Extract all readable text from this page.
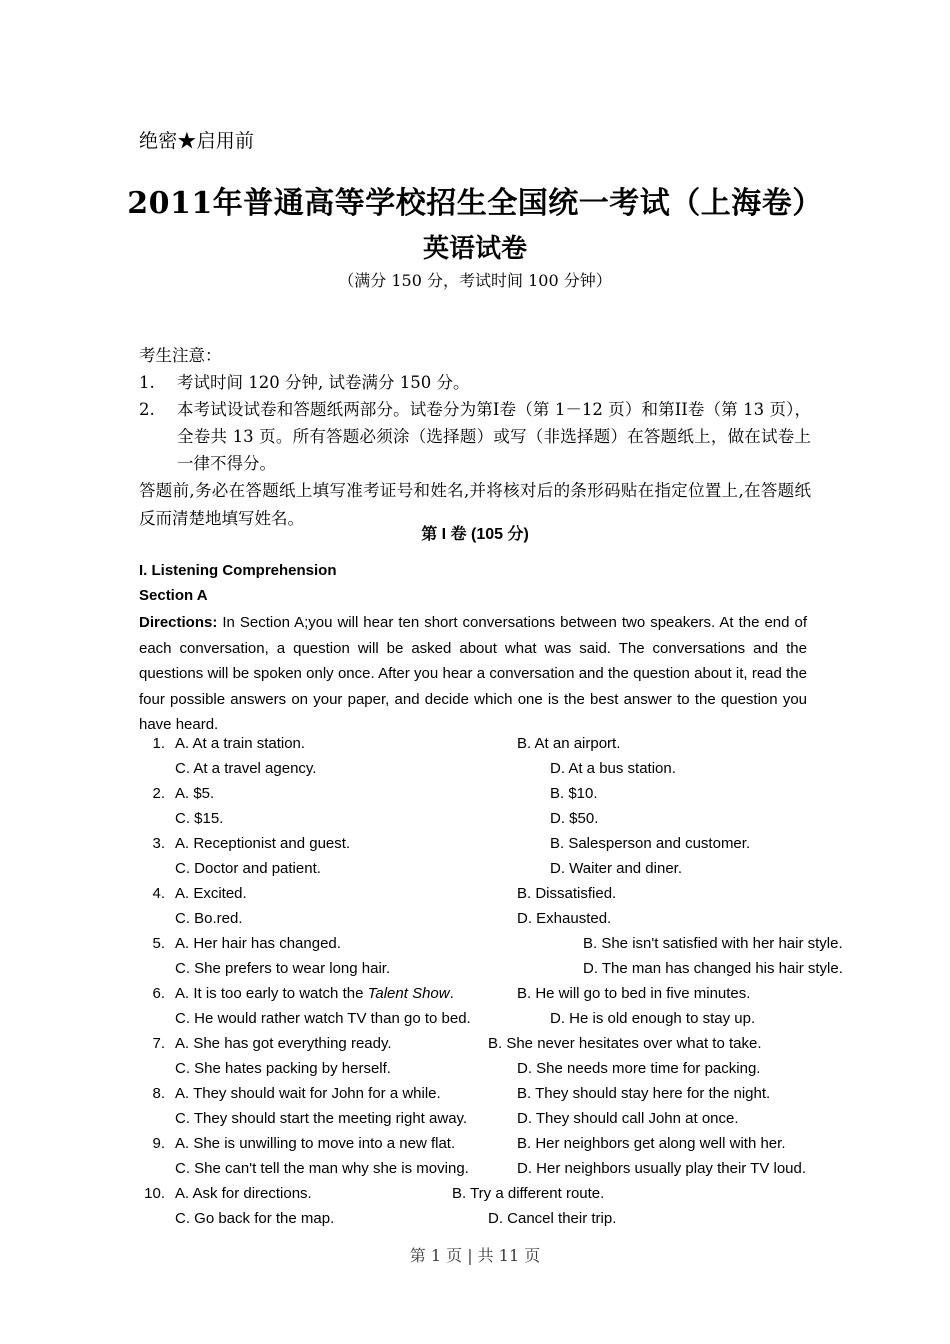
绝密★启用前
2011年普通高等学校招生全国统一考试（上海卷）
英语试卷
（满分 150 分，考试时间 100 分钟）
考生注意：
1. 考试时间 120 分钟, 试卷满分 150 分。
2. 本考试设试卷和答题纸两部分。试卷分为第I卷（第 1－12 页）和第II卷（第 13 页），全卷共 13 页。所有答题必须涂（选择题）或写（非选择题）在答题纸上，做在试卷上一律不得分。
答题前,务必在答题纸上填写准考证号和姓名,并将核对后的条形码贴在指定位置上,在答题纸反而清楚地填写姓名。
第 I 卷 (105 分)
I. Listening Comprehension
Section A
Directions: In Section A;you will hear ten short conversations between two speakers. At the end of each conversation, a question will be asked about what was said. The conversations and the questions will be spoken only once. After you hear a conversation and the question about it, read the four possible answers on your paper, and decide which one is the best answer to the question you have heard.
1. A. At a train station.	B. At an airport.
C. At a travel agency.	D. At a bus station.
2. A. $5.	B. $10.
C. $15.	D. $50.
3. A. Receptionist and guest.	B. Salesperson and customer.
C. Doctor and patient.	D. Waiter and diner.
4. A. Excited.	B. Dissatisfied.
C. Bo.red.	D. Exhausted.
5. A. Her hair has changed.	B. She isn't satisfied with her hair style.
C. She prefers to wear long hair.	D. The man has changed his hair style.
6. A. It is too early to watch the Talent Show.	B. He will go to bed in five minutes.
C. He would rather watch TV than go to bed.	D. He is old enough to stay up.
7. A. She has got everything ready.	B. She never hesitates over what to take.
C. She hates packing by herself.	D. She needs more time for packing.
8. A. They should wait for John for a while.	B. They should stay here for the night.
C. They should start the meeting right away.	D. They should call John at once.
9. A. She is unwilling to move into a new flat.	B. Her neighbors get along well with her.
C. She can't tell the man why she is moving.	D. Her neighbors usually play their TV loud.
10. A. Ask for directions.	B. Try a different route.
C. Go back for the map.	D. Cancel their trip.
第 1 页 | 共 11 页
